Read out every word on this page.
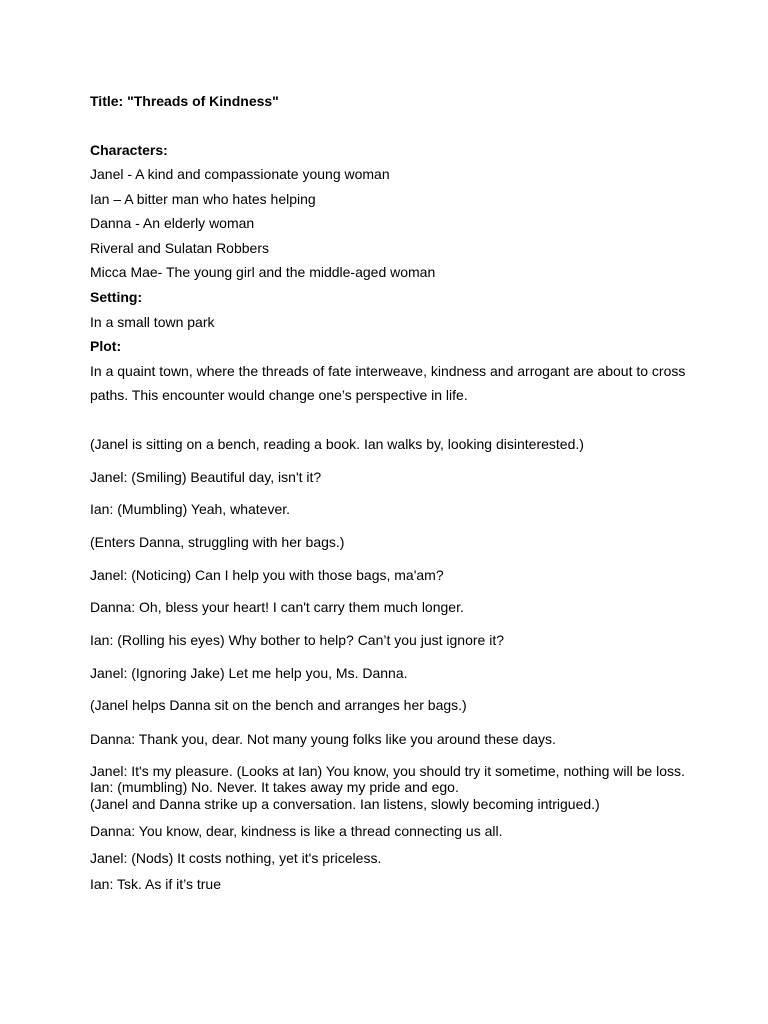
Title: "Threads of Kindness"
Characters:
Janel - A kind and compassionate young woman
Ian – A bitter man who hates helping
Danna - An elderly woman
Riveral and Sulatan Robbers
Micca Mae- The young girl and the middle-aged woman
Setting:
In a small town park
Plot:
In a quaint town, where the threads of fate interweave, kindness and arrogant are about to cross
paths. This encounter would change one’s perspective in life.
(Janel is sitting on a bench, reading a book. Ian walks by, looking disinterested.)
Janel: (Smiling) Beautiful day, isn't it?
Ian: (Mumbling) Yeah, whatever.
(Enters Danna, struggling with her bags.)
Janel: (Noticing) Can I help you with those bags, ma'am?
Danna: Oh, bless your heart! I can't carry them much longer.
Ian: (Rolling his eyes) Why bother to help? Can’t you just ignore it?
Janel: (Ignoring Jake) Let me help you, Ms. Danna.
(Janel helps Danna sit on the bench and arranges her bags.)
Danna: Thank you, dear. Not many young folks like you around these days.
Janel: It's my pleasure. (Looks at Ian) You know, you should try it sometime, nothing will be loss.
Ian: (mumbling) No. Never. It takes away my pride and ego.
(Janel and Danna strike up a conversation. Ian listens, slowly becoming intrigued.)
Danna: You know, dear, kindness is like a thread connecting us all.
Janel: (Nods) It costs nothing, yet it's priceless.
Ian: Tsk. As if it’s true
